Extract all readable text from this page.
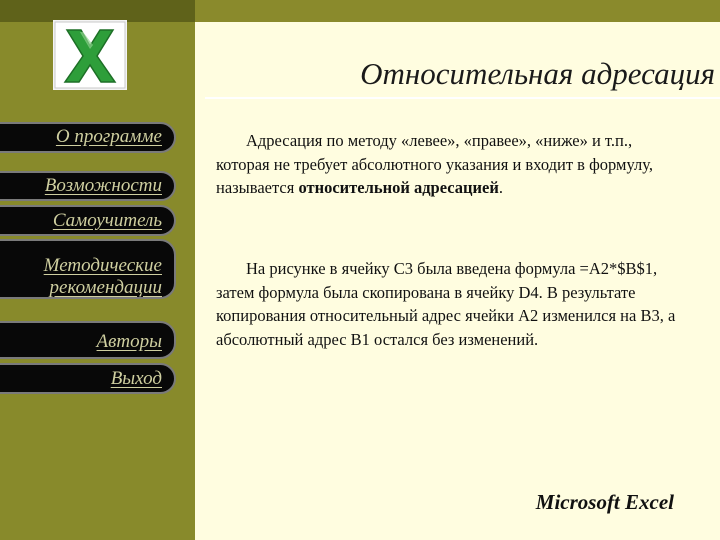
Относительная адресация
О программе
Возможности
Самоучитель
Методические
рекомендации
Авторы
Выход
Адресация по методу «левее», «правее», «ниже» и т.п., которая не требует абсолютного указания и входит в формулу, называется относительной адресацией.
На рисунке в ячейку С3 была введена формула =А2*$B$1, затем формула была скопирована в ячейку D4. В результате копирования относительный адрес ячейки А2 изменился на В3, а абсолютный адрес В1 остался без изменений.
Microsoft Excel
